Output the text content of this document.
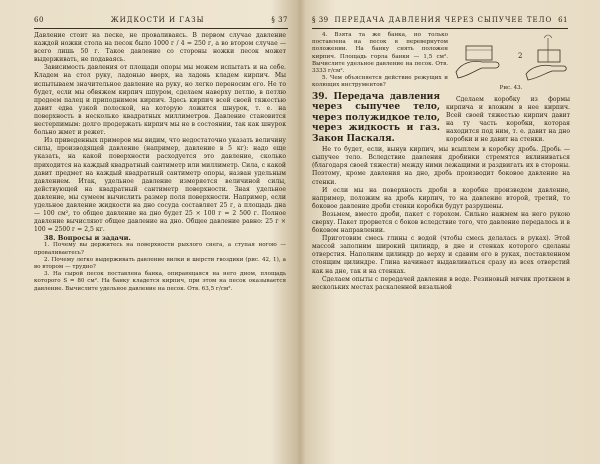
60	ЖИДКОСТИ И ГАЗЫ	§ 37

Давление стоит на песке, не проваливаясь. В первом случае давление каждой ножки стола на песок было 1000 г / 4 = 250 г, а во втором случае — всего лишь 50 г. Такое давление со стороны ножки песок может выдерживать, не подаваясь.

Зависимость давления от площади опоры мы можем испытать и на себе. Кладем на стол руку, ладонью вверх, на ладонь кладем кирпич. Мы испытываем значительное давление на руку, но легко переносим его. Не то будет, если мы обвяжем кирпич шпуром, сделаем наверху петлю, в петлю продеем палец и приподнимем кирпич. Здесь кирпич всей своей тяжестью давит едва узкой полоской, на которую ложится шнурок, т. е. на поверхность в несколько квадратных миллиметров. Давление становится нестерпимым: долго продержать кирпич мы не в состоянии, так как шнурок больно жмет и режет.

Из приведенных примеров мы видим, что недостаточно указать величину силы, производящей давление (например, давление в 5 кг): надо еще указать, на какой поверхности расходуется это давление, сколько приходится на каждый квадратный сантиметр или миллиметр. Сила, с какой давит предмет на каждый квадратный сантиметр опоры, назван удельным давлением. Итак, удельное давление измеряется величиной силы, действующей на квадратный сантиметр поверхности. Зная удельное давление, мы сумеем вычислить размер поля поверхности. Например, если удельное давление жидкости на дно сосуда составляет 25 г, а площадь дна — 100 см², то общее давление на дно будет 25 × 100 г = 2 500 г. Полное давление вычисляют общее давление на дно. Общее давление равно: 25 г × 100 = 2500 г = 2,5 кг.

38. Вопросы и задачи.

1. Почему вы держитесь на поверхности рыхлого снега, а ступая ногою — проваливаетесь?

2. Почему легко выдерживать давление вилки и шерсти гвоздики (рис. 42, 1), а во втором — трудно?

3. На сырой песок поставлена банка, опирающаяся на него дном, площадь которого S = 80 см². На банку кладется кирпич, при этом на песок оказывается давление. Вычислите удельное давление на песок. Отв. 63,5 г/см².

§ 39 ПЕРЕДАЧА ДАВЛЕНИЯ ЧЕРЕЗ СЫПУЧЕЕ ТЕЛО 61
2
Рис. 43.

4. Взята та же банка, но только поставлена на песок в перевернутом положении. На банку снять положен кирпич. Площадь горла банки — 1,5 см². Вычислите удельное давление на песок. Отв. 3333 г/см².

5. Чем объясняется действие режущих и колющих инструментов?

39. Передача давления через сыпучее тело, через полужидкое тело, через жидкость и газ. Закон Паскаля.

Сделаем коробку из формы кирпича и вложим в нее кирпич. Всей своей тяжестью кирпич давит на ту часть коробки, которая находится под ним, т. е. давит на дно коробки и не давит на стенки.

Не то будет, если, вынув кирпич, мы всыплем в коробку дробь. Дробь — сыпучее тело. Вследствие давления дробинки стремятся вклиниваться (благодаря своей тяжести) между ними лежащими и раздвигать их в стороны. Поэтому, кроме давления на дно, дробь производит боковое давление на стенки.

И если мы на поверхность дроби в коробке произведем давление, например, положим на дробь кирпич, то на давление второй, третий, то боковое давление дроби стенки коробки будут разрушены.

Возьмем, вместо дроби, пакет с горохом. Сильно нажмем на него рукою сверху. Пакет прорвется с боков вследствие того, что давление передалось и в боковом направлении.

Приготовим смесь глины с водой (чтобы смесь делалась в руках). Этой массой заполним широкий цилиндр, в дне и стенках которого сделаны отверстия. Наполним цилиндр до верху и сдавим его в руках, поставленном стоящим цилиндре. Глина начинает выдавливаться сразу из всех отверстий как на дне, так и на стенках.

Сделаем опыты с передачей давления в воде. Резиновый мячик проткнем в нескольких местах раскаленной вязальной
